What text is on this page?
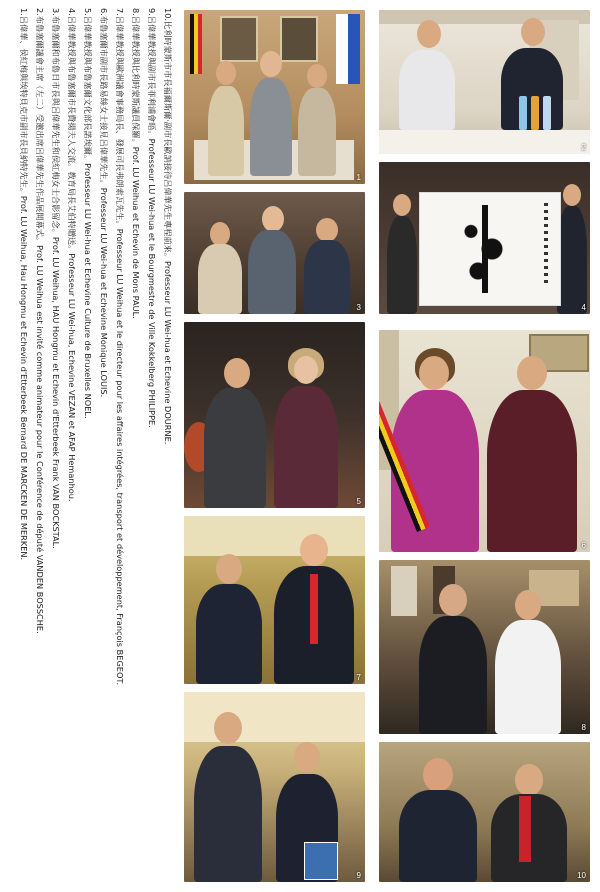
10.比利時蒙斯市市長福爾斯爾·副市長歐訥接待呂偉華先生專程前來。Professeur LU Wei-hua et Echevine DOURNE.
9.呂偉華教授與副市長菲利浦會晤。Professeur LU Wei-hua et le Bourgmestre de Ville Kokkelberg PHILIPPE.
8.呂偉華教授與比利時蒙斯議員保羅。Prof. LU Weihua et Echevin de Mons PAUL.
7.呂偉華教授與歐洲議會事務局長、發展司長弗朗索瓦先生。Professeur LU Weihua et le directeur pour les affaires intégrées, transport et développement, François BEGEOT.
6.布魯塞爾市副市長路易絲女士接見呂偉華先生。Professeur LU Wei-hua et Echevine Monique LOUIS.
5.呂偉華教授與布魯塞爾文化部長諾埃爾。Professeur LU Wei-hua et Echevine Culture de Bruxelles NOEL.
4.呂偉華教授與布魯塞爾市長費揚夫人交流。教育局長艾伯特贈送。Professeur LU Wei-hua, Echevine VEZAN et AFAP Hemanhou.
3.布魯塞爾和布魯日市長與呂偉華先生和侯紅梅女士合影留念。Prof. LU Weihua, HAU Hongmu et Echevin d'Etterbeek Frank VAN BOCKSTAL.
2.布魯塞爾議會主席（左二）受邀出席呂偉華先生作品展開幕式。Prof. LU Weihua est invité comme animateur pour le Conférence de député VANDEN BOSSCHE.
1.呂偉華、侯紅梅與埃特貝克市副市長貝納特先生。Prof. LU Weihua, Hau Hongmu et Echevin d'Etterbeek Bernard DE MARCKEN DE MERKEN.	1
2
3	4
5
6
7
8
9	10
